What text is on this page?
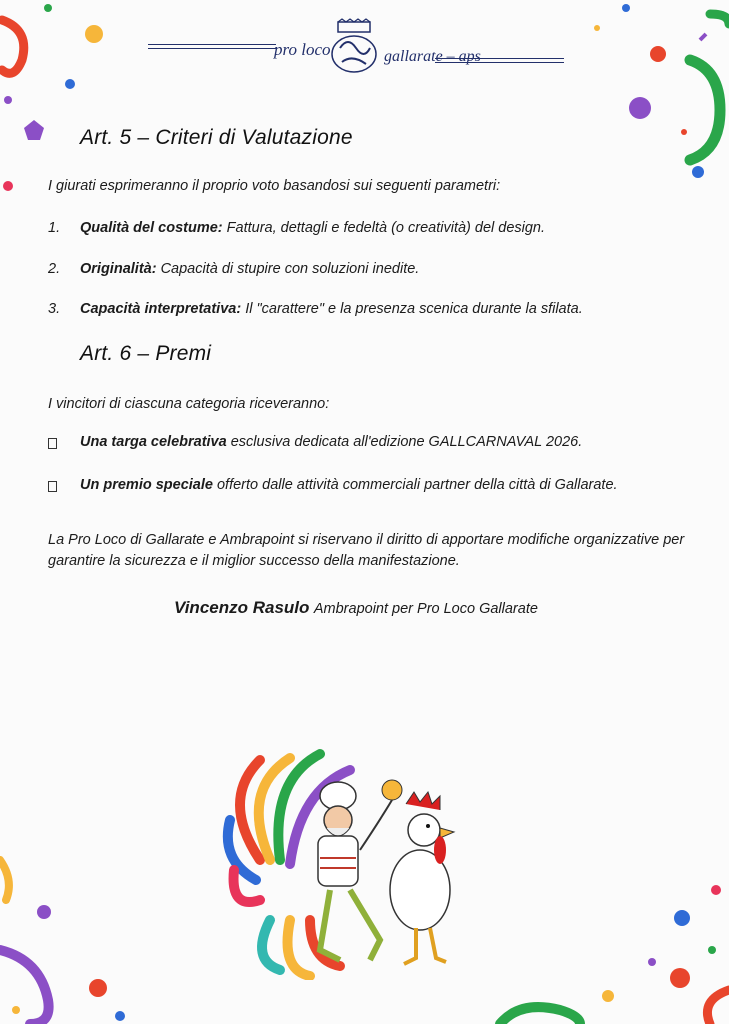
pro loco	gallarate – aps
Art. 5 – Criteri di Valutazione

I giurati esprimeranno il proprio voto basandosi sui seguenti parametri:

1. Qualità del costume: Fattura, dettagli e fedeltà (o creatività) del design.

2. Originalità: Capacità di stupire con soluzioni inedite.

3. Capacità interpretativa: Il "carattere" e la presenza scenica durante la sfilata.

Art. 6 – Premi

I vincitori di ciascuna categoria riceveranno:

Una targa celebrativa esclusiva dedicata all'edizione GALLCARNAVAL 2026.

Un premio speciale offerto dalle attività commerciali partner della città di Gallarate.

La Pro Loco di Gallarate e Ambrapoint si riservano il diritto di apportare modifiche organizzative per garantire la sicurezza e il miglior successo della manifestazione.

Vincenzo Rasulo Ambrapoint per Pro Loco Gallarate
